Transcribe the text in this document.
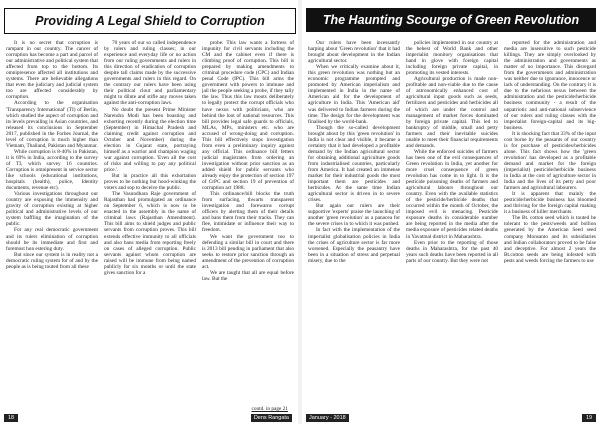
Providing A Legal Shield to Corruption

It is no secret that corruption is rampant in our country. The cancer of corruption has become a part and parcel of our administrative and political system that affected from top to the bottom. Its omnipresence affected all institutions and systems. There are believable allegations that even the judiciary and judicial system too are affected considerably by corruption.

According to the organisation 'Transparency International' (TI) of Berlin, which studied the aspect of corruption and its levels prevailing in Asian countries, and released its conclusions in September 2017, published in the Forbes Journal, the level of corruption is much higher than Vietnam, Thailand, Pakistan and Myanmar.

While corruption is 8-40% in Pakistan, it is 69% in India, according to the survey of TI, which survey 16 countries. Corruption is omnipresent in service sector like schools (educational institutions, hospitals (health), police, Identity documents, revenue etc).

Various investigations throughout our country are exposing the immensity and gravity of corruption existing at higher political and administrative levels of our system baffling the imagination of the public.

For any real democratic government and its rulers elimination of corruption should be its immediate and first and foremost hon estering duty.

But since our system is in reality not a democratic ruling system for of and by the people as is being touted from all these

70 years of our so called independence by rulers and ruling classes; in our experience and everyday life or no action from our ruling governments and rulers in this direction of eradication of corruption despite tall claims made by the successive governments and rulers in this regard. On the contrary our rulers have been using their political clout and parliamentary might to dilute and stifle any moves taken against the anti-corruption laws.

No doubt the present Prime Minister Narendra Modi has been boasting and exhorting recently during the election time (September) in Himachal Pradesh and claiming credit against corruption and October and November) during the election in Gujarat state, portraying himself as a warrior and champion waging war against corruption. 'Even all the cost of risks and willing to pay any political price.'.

But in practice all this exhortation proves to be nothing but hood-winking the voters and sop to deceive the public.

The Vasundhara Raje government of Rajasthan had promulgated an ordinance on September 6, which is now to be enacted in the assembly in the name of criminal laws (Rajasthan Amendment). This bill aims to shield judges and public servants from corruption proves. This bill extends effective immunity to all officials and also bans media from reporting freely on cases of alleged corruption. Public servants against whom corruption are raised will be immune from being named publicly for six months or until the state gives sanction for a

probe. This law wants a fortress of impunity for civil servants including the CM and the cabinet even if there is climbing proof of corruption. This bill is prepared by making amendments to criminal procedure code (CPC) and Indian penal Code (IPC). This bill arms the government with powers to immune and jail the people seeking a probe, if they tally the law. Thus this law moots deliberately to legally protect the corrupt officials who have nexus with politicians, who are behind the loot of national resources. This bill provides legal safe guards to officials, MLAs, MPs, ministers etc. who are accused of wrong-doing and corruption. This bill effectively stops investigation from even a preliminary inquiry against any official. This ordinance bill fetters judicial magistrates from ordering an investigation without prior sanction as an added shield for public servants who already enjoy the protection of section 197 of CrPC and section 19 of prevention of corruption act 1988.

This ordinance/bill blocks the truth from surfacing, thwarts transparent investigation and forewarns corrupt officers by alerting them of their details and bans them from their tracks. They can flee, intimidate or influence their way to freedom.

We want the government too to defending a similar bill in court and there is 2013 bill pending in parliament that also seeks to restore prior sanction through an amendment of the prevention of corruption act.

We are taught that all are equal before law. But the

contd. in page 21
18	Dens Rangata
The Haunting Scourge of Green Revolution

Our rulers have been incessantly harping about 'Green revolution' that it had brought about development in the Indian agricultural sector.

When we critically examine about it, this green revolution was nothing but an economic programme prompted and promoted by American imperialism and implemented in India in the name of American aid for the development of agriculture in India. This 'American aid' was delivered to Indian farmers during the time. The design for the development was finalised by the world-bank.

Though the so-called development brought about by this 'green revolution' in India is not clear and visible, it became a certainty that it had developed a profitable demand by the Indian agricultural sector for obtaining additional agriculture goods from industrialised countries, particularly from America. It had created an immense market for their industrial goods the most important them are pesticides and herbicides. At the same time Indian agricultural sector is driven in to severe crises.

But again our rulers are their supportive 'experts' praise the launching of another 'green revolution' as a panacea for the severe crises in to which it was pushed.

In fact with the implementation of the imperialist globalisation policies in India the crises of agriculture sector is far more worsened. Especially the peasantry have been in a situation of stress and perpetual misery, due to the

policies implemented in our country at the behest of World Bank and other imperialist monitory organisations that hand in glove with foreign capital including foreign private capital, in promoting its vested interests.

Agricultural production is made non-profitable and non-viable due to the cause of astronomically enhanced cost of agricultural input goods such as seeds, fertilizers and pesticides and herbicides all of which are under the control and management of market forces dominated by foreign private capital. This led to bankruptcy of middle, small and petty farmers and their inevitable suicides unable to meet their financial requirements and demands.

While the enforced suicides of farmers has been one of the evil consequences of Green revolution in India, yet another for more cruel consequence of green revolution has come in to light. It is the pesticide poisoning deaths of farmers and agricultural labours throughout our country. Even with the available statistics of the pesticide/herbicide deaths that occurred within the month of October, the imposed evil is menacing. Pesticide exposure deaths in considerable number are being reported in the media after the media exposure of pesticides related deaths in Yavatmal district in Maharashtra.

Even prior to the reporting of those deaths in Maharashtra, for the past 40 years such deaths have been reported in all parts of our country. But they were not

reported for the administration and media are insensitive to such pesticide killings. They are simply overlooked by the administration and governments as matter of no importance. This disregard from the governments and administration was neither due to ignorance, innocence or lack of understanding. On the contrary it is due to the nefarious nexus between the administration and the pesticide/herbicide business community - a result of the unpatriotic and anti-national subservience of our rulers and ruling classes with the imperialist foreign-capital and its big-business.

It is shocking fact that 33% of the input cost borne by the peasants of our country is for purchase of pesticides/herbicides alone. This fact shows how the 'green revolution' has developed as a profitable demand and market for the foreign (imperialist) pesticide/herbicide business in India at the cost of agriculture sector in India and the lives of its petty and poor farmers and agricultural labourers.

It is apparent that mainly the pesticide/herbicide business has bloomed and thriving for the foreign capital making it a business of killer merchants.

The Bt. cotton seed which is touted be tolerant to the pests/weeds and bollion generated by the American Seed seed company Monsanto and its subsidiaries and Indian collaborators proved to be false and deceptive. For almost 2 years the Bt.cotton seeds are being infested with pests and weeds forcing the farmers to use

January - 2018	19
